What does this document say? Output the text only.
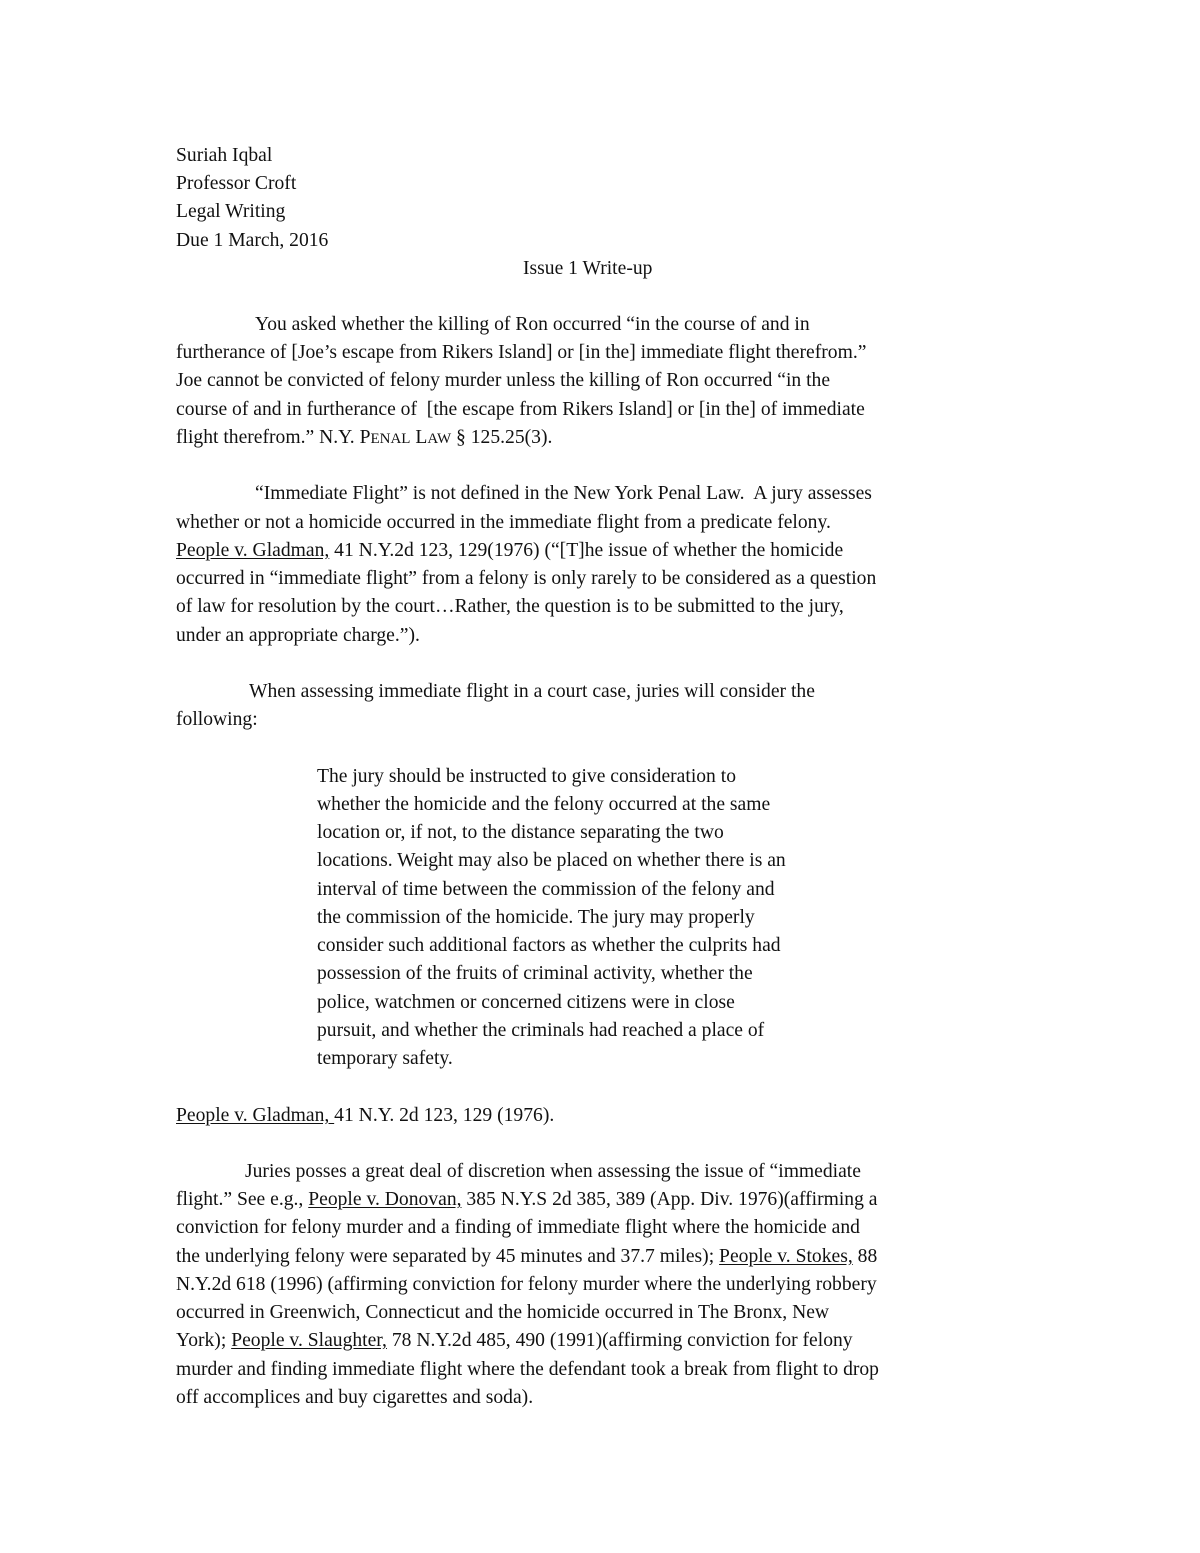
Suriah Iqbal
Professor Croft
Legal Writing
Due 1 March, 2016
Issue 1 Write-up
You asked whether the killing of Ron occurred “in the course of and in
furtherance of [Joe’s escape from Rikers Island] or [in the] immediate flight therefrom.”
Joe cannot be convicted of felony murder unless the killing of Ron occurred “in the
course of and in furtherance of  [the escape from Rikers Island] or [in the] of immediate
flight therefrom.” N.Y. PENAL LAW § 125.25(3).
“Immediate Flight” is not defined in the New York Penal Law.  A jury assesses
whether or not a homicide occurred in the immediate flight from a predicate felony.
People v. Gladman, 41 N.Y.2d 123, 129(1976) (“[T]he issue of whether the homicide
occurred in “immediate flight” from a felony is only rarely to be considered as a question
of law for resolution by the court…Rather, the question is to be submitted to the jury,
under an appropriate charge.”).
When assessing immediate flight in a court case, juries will consider the
following:
The jury should be instructed to give consideration to
whether the homicide and the felony occurred at the same
location or, if not, to the distance separating the two
locations. Weight may also be placed on whether there is an
interval of time between the commission of the felony and
the commission of the homicide. The jury may properly
consider such additional factors as whether the culprits had
possession of the fruits of criminal activity, whether the
police, watchmen or concerned citizens were in close
pursuit, and whether the criminals had reached a place of
temporary safety.
People v. Gladman, 41 N.Y. 2d 123, 129 (1976).
Juries posses a great deal of discretion when assessing the issue of “immediate
flight.” See e.g., People v. Donovan, 385 N.Y.S 2d 385, 389 (App. Div. 1976)(affirming a
conviction for felony murder and a finding of immediate flight where the homicide and
the underlying felony were separated by 45 minutes and 37.7 miles); People v. Stokes, 88
N.Y.2d 618 (1996) (affirming conviction for felony murder where the underlying robbery
occurred in Greenwich, Connecticut and the homicide occurred in The Bronx, New
York); People v. Slaughter, 78 N.Y.2d 485, 490 (1991)(affirming conviction for felony
murder and finding immediate flight where the defendant took a break from flight to drop
off accomplices and buy cigarettes and soda).
